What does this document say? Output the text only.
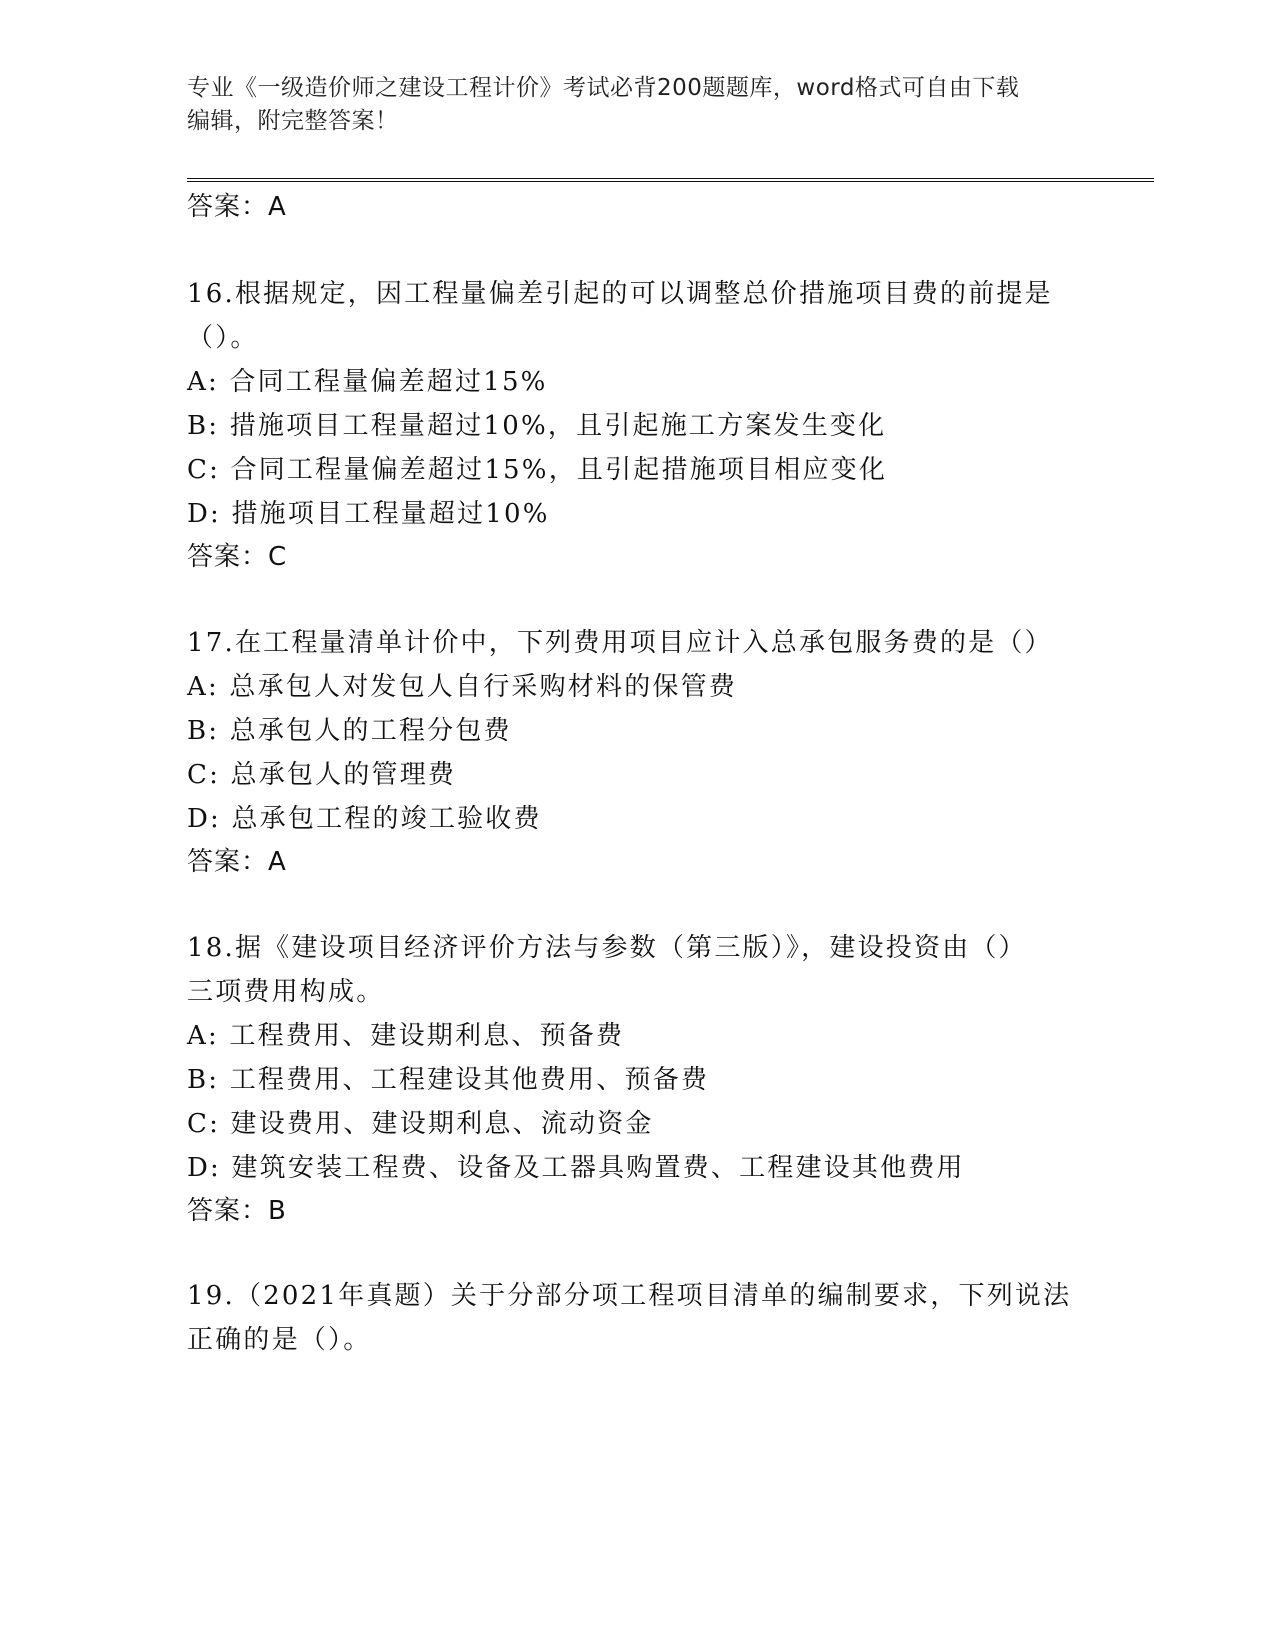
专业《一级造价师之建设工程计价》考试必背200题题库，word格式可自由下载
编辑，附完整答案！
答案：A
16.根据规定，因工程量偏差引起的可以调整总价措施项目费的前提是
（）。
A: 合同工程量偏差超过15%
B: 措施项目工程量超过10%，且引起施工方案发生变化
C: 合同工程量偏差超过15%，且引起措施项目相应变化
D: 措施项目工程量超过10%
答案：C
17.在工程量清单计价中，下列费用项目应计入总承包服务费的是（）
A: 总承包人对发包人自行采购材料的保管费
B: 总承包人的工程分包费
C: 总承包人的管理费
D: 总承包工程的竣工验收费
答案：A
18.据《建设项目经济评价方法与参数（第三版）》，建设投资由（）
三项费用构成。
A: 工程费用、建设期利息、预备费
B: 工程费用、工程建设其他费用、预备费
C: 建设费用、建设期利息、流动资金
D: 建筑安装工程费、设备及工器具购置费、工程建设其他费用
答案：B
19.（2021年真题）关于分部分项工程项目清单的编制要求，下列说法
正确的是（）。
